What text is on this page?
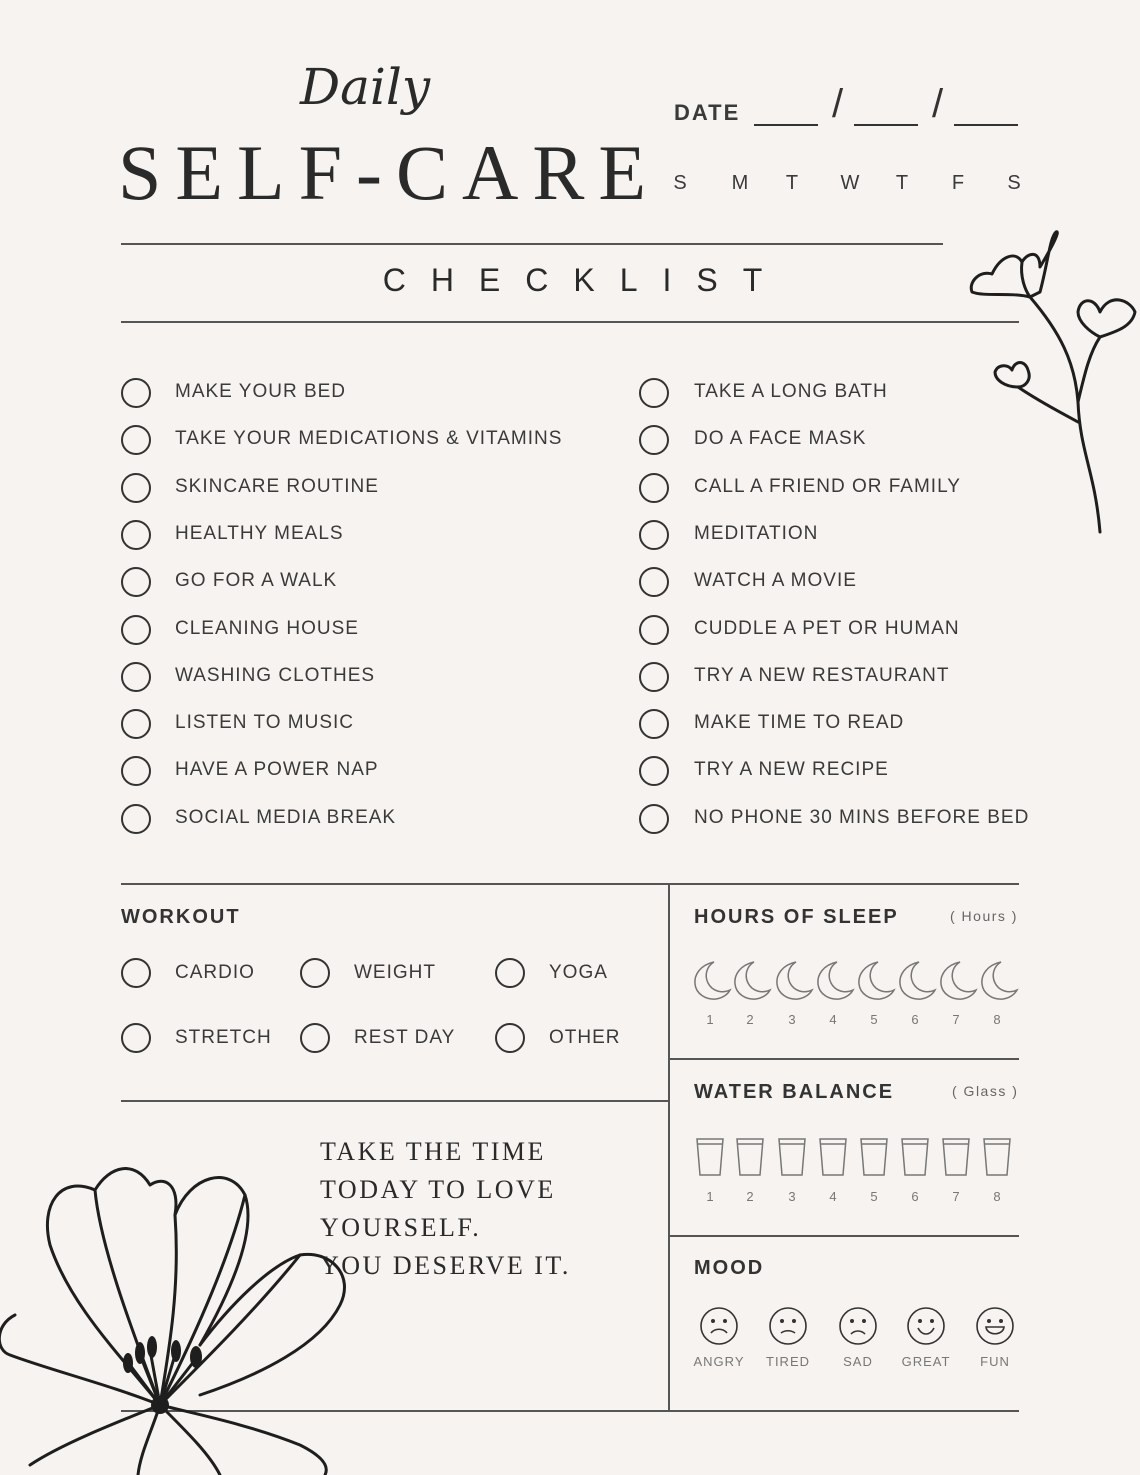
Daily
SELF-CARE
DATE / /
S M T W T F S
CHECKLIST
MAKE YOUR BED
TAKE YOUR MEDICATIONS & VITAMINS
SKINCARE ROUTINE
HEALTHY MEALS
GO FOR A WALK
CLEANING HOUSE
WASHING CLOTHES
LISTEN TO MUSIC
HAVE A POWER NAP
SOCIAL MEDIA BREAK
TAKE A LONG BATH
DO A FACE MASK
CALL A FRIEND OR FAMILY
MEDITATION
WATCH A MOVIE
CUDDLE A PET OR HUMAN
TRY A NEW RESTAURANT
MAKE TIME TO READ
TRY A NEW RECIPE
NO PHONE 30 MINS BEFORE BED
WORKOUT
CARDIO	WEIGHT	YOGA
STRETCH	REST DAY	OTHER
TAKE THE TIME
TODAY TO LOVE
YOURSELF.
YOU DESERVE IT.
HOURS OF SLEEP	( Hours )
1	2	3	4	5	6	7	8
WATER BALANCE	( Glass )
1	2	3	4	5	6	7	8
MOOD
ANGRY	TIRED	SAD	GREAT	FUN
